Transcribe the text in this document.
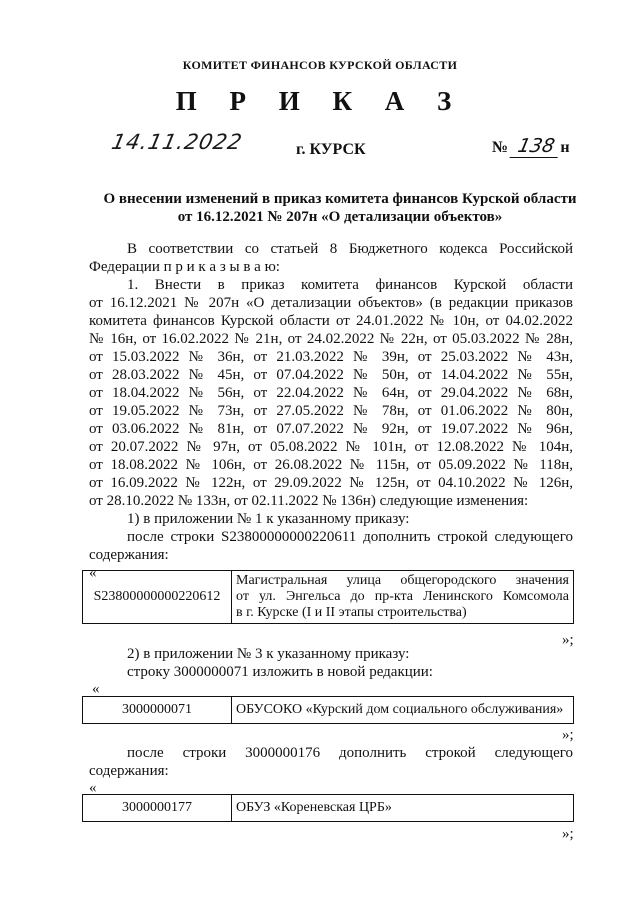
КОМИТЕТ ФИНАНСОВ КУРСКОЙ ОБЛАСТИ
П Р И К А З
14.11.2022	г. КУРСК	№ 138 н
О внесении изменений в приказ комитета финансов Курской области
от 16.12.2021 № 207н «О детализации объектов»

В соответствии со статьей 8 Бюджетного кодекса Российской

Федерации п р и к а з ы в а ю:

1. Внести в приказ комитета финансов Курской области

от 16.12.2021 № 207н «О детализации объектов» (в редакции приказов

комитета финансов Курской области от 24.01.2022 № 10н, от 04.02.2022

№ 16н, от 16.02.2022 № 21н, от 24.02.2022 № 22н, от 05.03.2022 № 28н,

от 15.03.2022 № 36н, от 21.03.2022 № 39н, от 25.03.2022 № 43н,

от 28.03.2022 № 45н, от 07.04.2022 № 50н, от 14.04.2022 № 55н,

от 18.04.2022 № 56н, от 22.04.2022 № 64н, от 29.04.2022 № 68н,

от 19.05.2022 № 73н, от 27.05.2022 № 78н, от 01.06.2022 № 80н,

от 03.06.2022 № 81н, от 07.07.2022 № 92н, от 19.07.2022 № 96н,

от 20.07.2022 № 97н, от 05.08.2022 № 101н, от 12.08.2022 № 104н,

от 18.08.2022 № 106н, от 26.08.2022 № 115н, от 05.09.2022 № 118н,

от 16.09.2022 № 122н, от 29.09.2022 № 125н, от 04.10.2022 № 126н,

от 28.10.2022 № 133н, от 02.11.2022 № 136н) следующие изменения:

1) в приложении № 1 к указанному приказу:

после строки S23800000000220611 дополнить строкой следующего

содержания:

«

S23800000000220612	
Магистральная улица общегородского значения
от ул. Энгельса до пр-кта Ленинского Комсомола
в г. Курске (I и II этапы строительства)
»;
2) в приложении № 3 к указанному приказу:
строку 3000000071 изложить в новой редакции:
«
3000000071	ОБУСОКО «Курский дом социального обслуживания»
»;
после строки 3000000176 дополнить строкой следующего
содержания:
«
3000000177	ОБУЗ «Кореневская ЦРБ»
»;
